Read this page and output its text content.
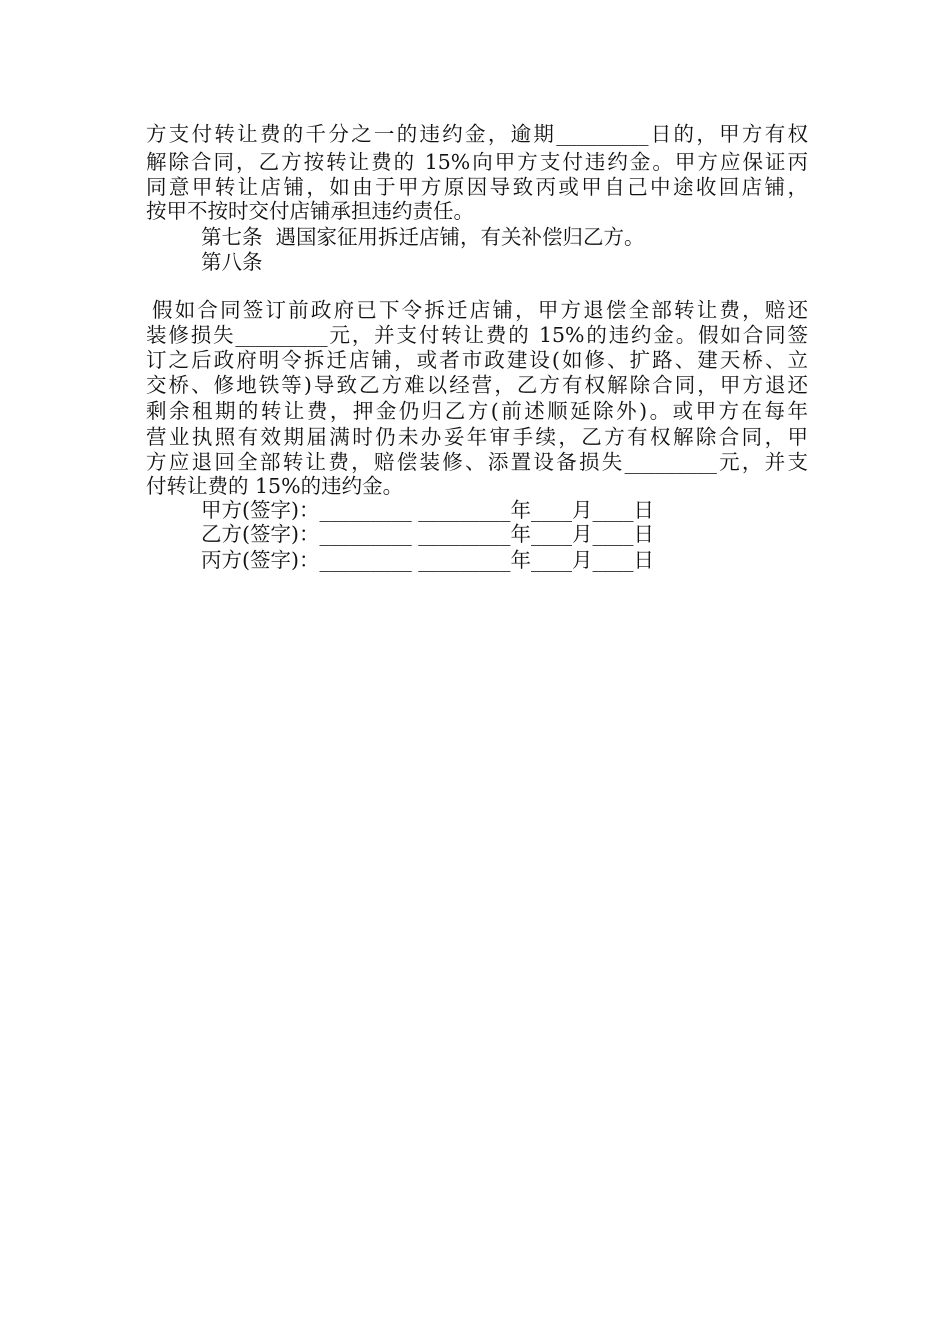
方支付转让费的千分之一的违约金，逾期_________日的，甲方有权
解除合同，乙方按转让费的 15%向甲方支付违约金。甲方应保证丙
同意甲转让店铺，如由于甲方原因导致丙或甲自己中途收回店铺，
按甲不按时交付店铺承担违约责任。
第七条  遇国家征用拆迁店铺，有关补偿归乙方。
第八条
假如合同签订前政府已下令拆迁店铺，甲方退偿全部转让费，赔还
装修损失_________元，并支付转让费的 15%的违约金。假如合同签
订之后政府明令拆迁店铺，或者市政建设(如修、扩路、建天桥、立
交桥、修地铁等)导致乙方难以经营，乙方有权解除合同，甲方退还
剩余租期的转让费，押金仍归乙方(前述顺延除外)。或甲方在每年
营业执照有效期届满时仍未办妥年审手续，乙方有权解除合同，甲
方应退回全部转让费，赔偿装修、添置设备损失_________元，并支
付转让费的 15%的违约金。
甲方(签字)：_________ _________年____月____日
乙方(签字)：_________ _________年____月____日
丙方(签字)：_________ _________年____月____日
